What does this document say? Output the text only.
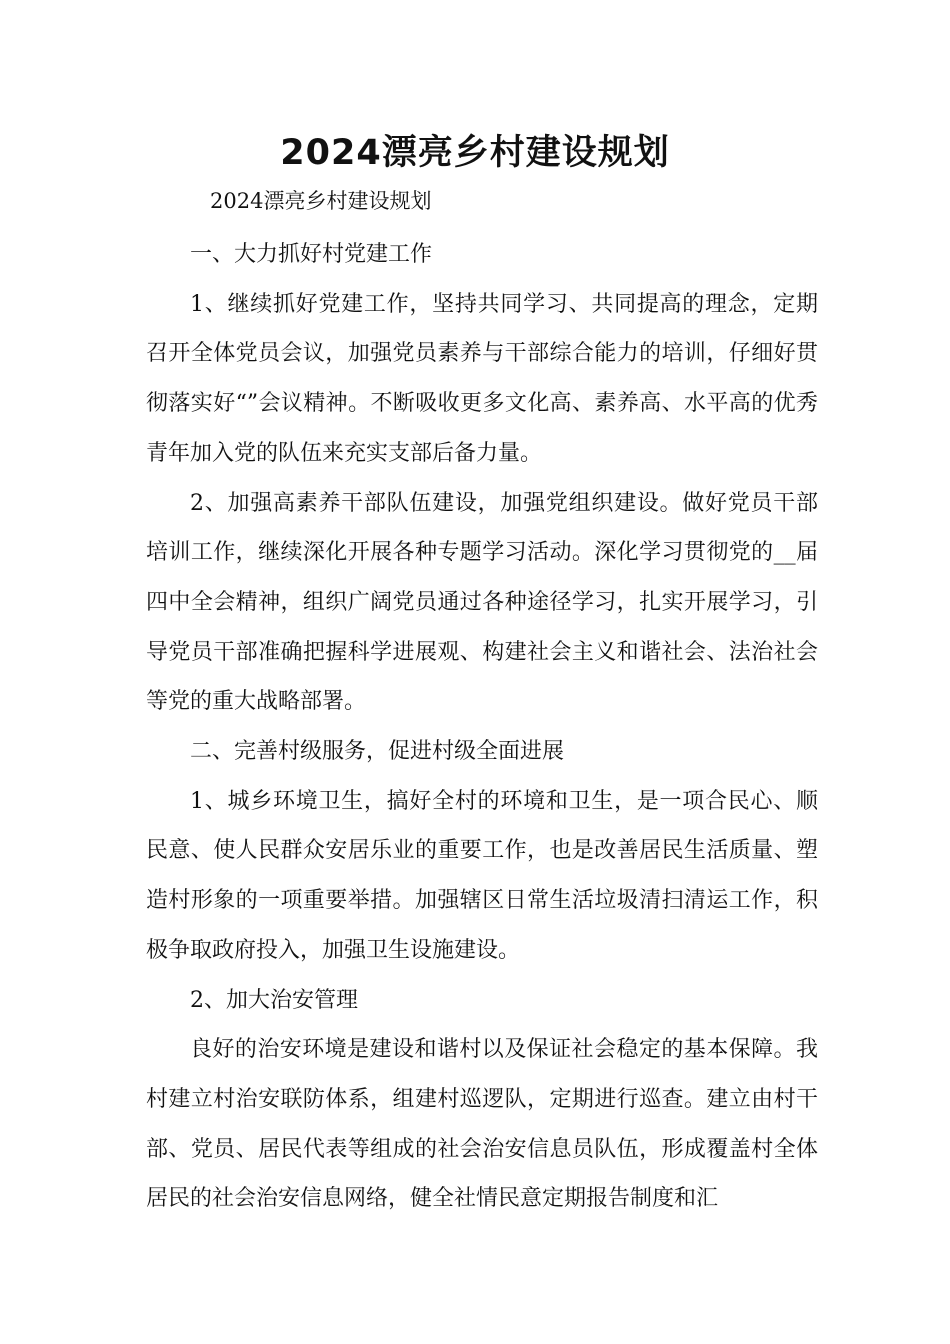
2024漂亮乡村建设规划
2024漂亮乡村建设规划

一、大力抓好村党建工作

1、继续抓好党建工作，坚持共同学习、共同提高的理念，定期召开全体党员会议，加强党员素养与干部综合能力的培训，仔细好贯彻落实好“”会议精神。不断吸收更多文化高、素养高、水平高的优秀青年加入党的队伍来充实支部后备力量。

2、加强高素养干部队伍建设，加强党组织建设。做好党员干部培训工作，继续深化开展各种专题学习活动。深化学习贯彻党的__届四中全会精神，组织广阔党员通过各种途径学习，扎实开展学习，引导党员干部准确把握科学进展观、构建社会主义和谐社会、法治社会等党的重大战略部署。

二、完善村级服务，促进村级全面进展

1、城乡环境卫生，搞好全村的环境和卫生，是一项合民心、顺民意、使人民群众安居乐业的重要工作，也是改善居民生活质量、塑造村形象的一项重要举措。加强辖区日常生活垃圾清扫清运工作，积极争取政府投入，加强卫生设施建设。

2、加大治安管理

良好的治安环境是建设和谐村以及保证社会稳定的基本保障。我村建立村治安联防体系，组建村巡逻队，定期进行巡查。建立由村干部、党员、居民代表等组成的社会治安信息员队伍，形成覆盖村全体居民的社会治安信息网络，健全社情民意定期报告制度和汇
